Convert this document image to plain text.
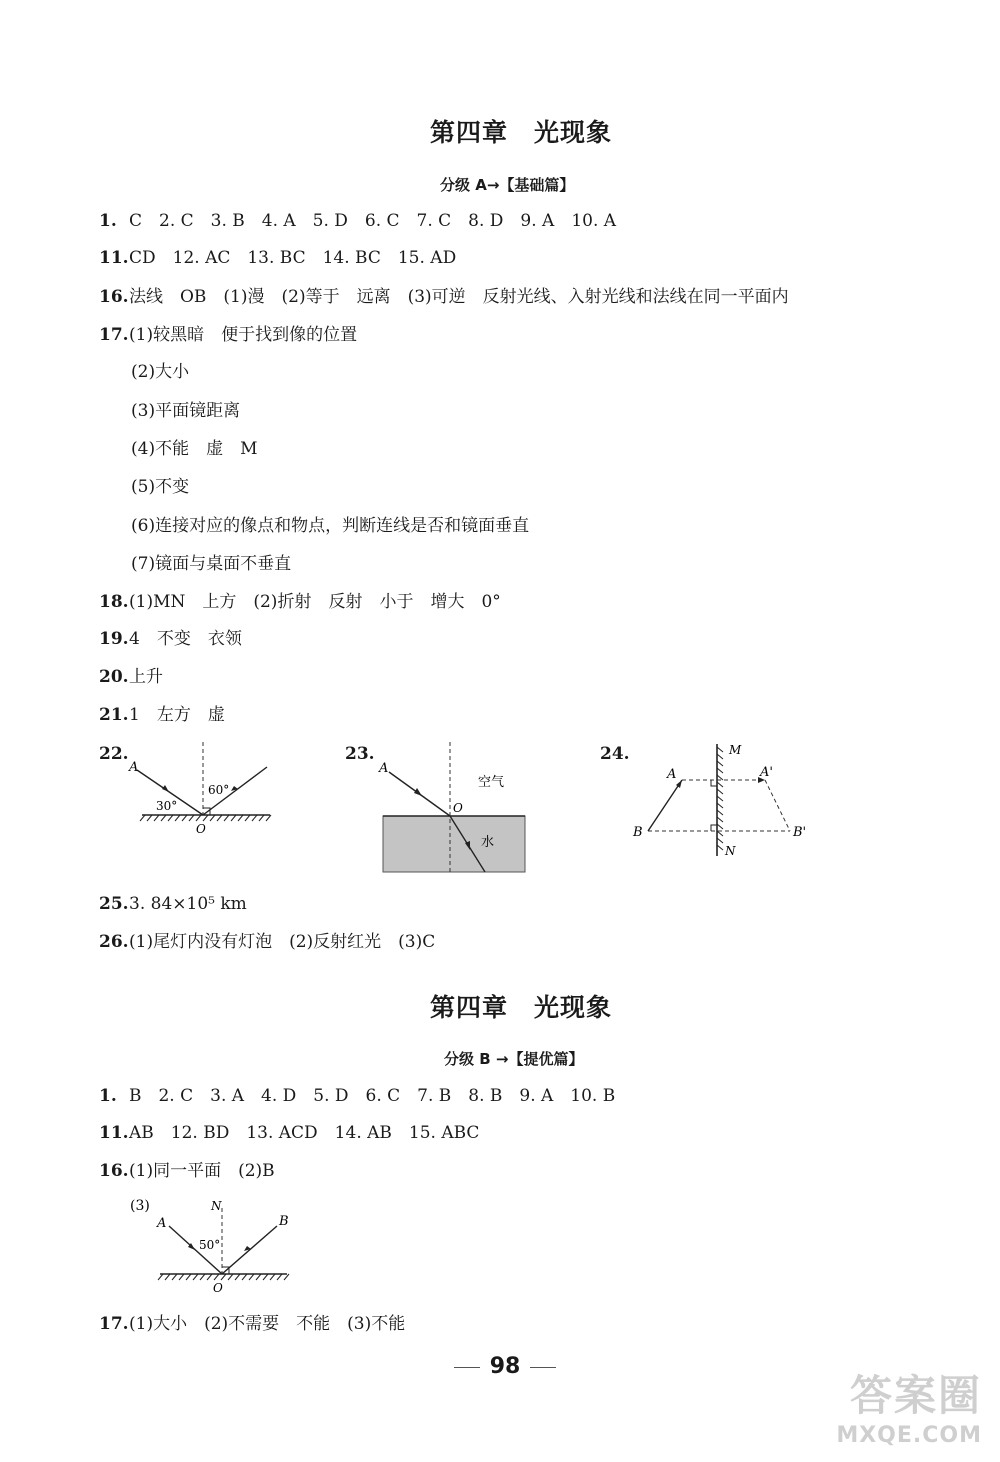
第四章　光现象
分级 A→【基础篇】
1. C　2. C　3. B　4. A　5. D　6. C　7. C　8. D　9. A　10. A
11.CD　12. AC　13. BC　14. BC　15. AD
16.法线　OB　(1)漫　(2)等于　远离　(3)可逆　反射光线、入射光线和法线在同一平面内
17.(1)较黑暗　便于找到像的位置
(2)大小
(3)平面镜距离
(4)不能　虚　M
(5)不变
(6)连接对应的像点和物点，判断连线是否和镜面垂直
(7)镜面与桌面不垂直
18.(1)MN　上方　(2)折射　反射　小于　增大　0°
19.4　不变　衣领
20.上升
21.1　左方　虚
22.
A
30°
60°
O
23.
A
空气
O
水
24.	M
N
A	A'
B	B'
25.3. 84×10⁵ km
26.(1)尾灯内没有灯泡　(2)反射红光　(3)C
第四章　光现象
分级 B →【提优篇】
1. B　2. C　3. A　4. D　5. D　6. C　7. B　8. B　9. A　10. B
11.AB　12. BD　13. ACD　14. AB　15. ABC
16.(1)同一平面　(2)B
(3)
A
N
B
50°
O
17.(1)大小　(2)不需要　不能　(3)不能
98
答案圈
MXQE.COM
